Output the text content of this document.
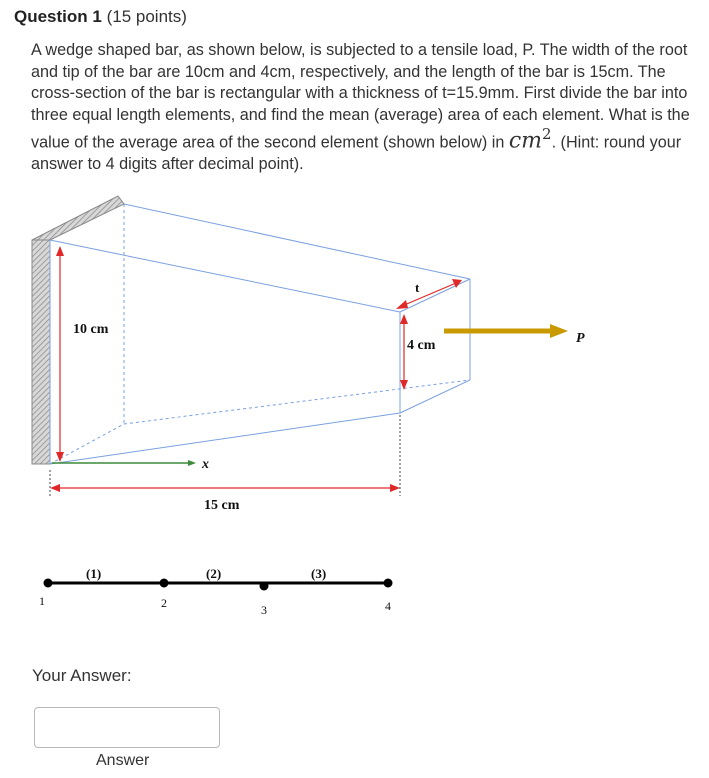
Question 1 (15 points)
A wedge shaped bar, as shown below, is subjected to a tensile load, P. The width of the root and tip of the bar are 10cm and 4cm, respectively, and the length of the bar is 15cm. The cross-section of the bar is rectangular with a thickness of t=15.9mm. First divide the bar into three equal length elements, and find the mean (average) area of each element. What is the value of the average area of the second element (shown below) in $cm^2$. (Hint: round your answer to 4 digits after decimal point).
10 cm
4 cm
t
P
x
15 cm
(1)	(2)	(3)
1	2	3	4
Your Answer:
Answer
